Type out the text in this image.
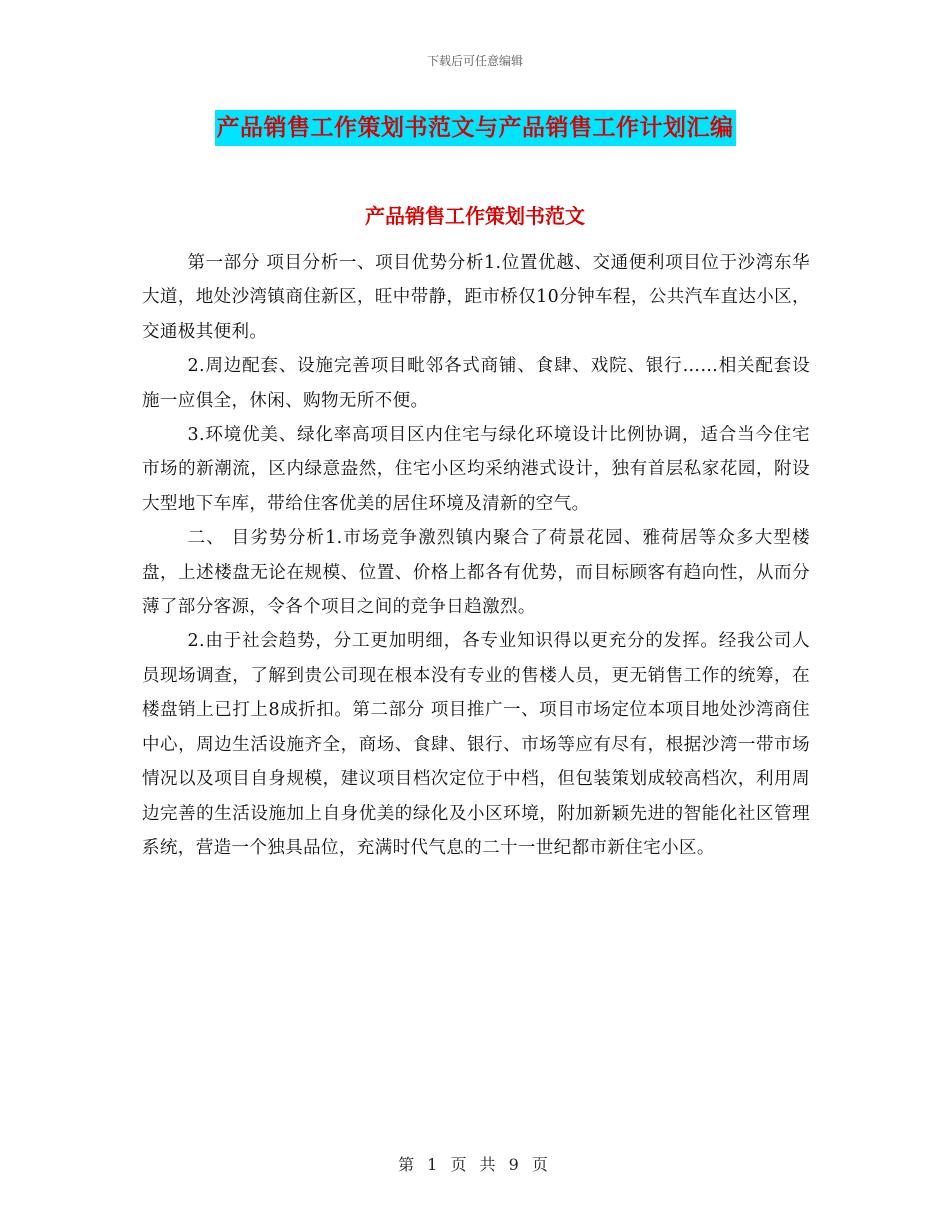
下载后可任意编辑
产品销售工作策划书范文与产品销售工作计划汇编
产品销售工作策划书范文

第一部分 项目分析一、项目优势分析1.位置优越、交通便利项目位于沙湾东华大道，地处沙湾镇商住新区，旺中带静，距市桥仅10分钟车程，公共汽车直达小区，交通极其便利。

2.周边配套、设施完善项目毗邻各式商铺、食肆、戏院、银行……相关配套设施一应俱全，休闲、购物无所不便。

3.环境优美、绿化率高项目区内住宅与绿化环境设计比例协调，适合当今住宅市场的新潮流，区内绿意盎然，住宅小区均采纳港式设计，独有首层私家花园，附设大型地下车库，带给住客优美的居住环境及清新的空气。

二、 目劣势分析1.市场竞争激烈镇内聚合了荷景花园、雅荷居等众多大型楼盘，上述楼盘无论在规模、位置、价格上都各有优势，而目标顾客有趋向性，从而分薄了部分客源，令各个项目之间的竞争日趋激烈。

2.由于社会趋势，分工更加明细，各专业知识得以更充分的发挥。经我公司人员现场调查，了解到贵公司现在根本没有专业的售楼人员，更无销售工作的统筹，在楼盘销上已打上8成折扣。第二部分 项目推广一、项目市场定位本项目地处沙湾商住中心，周边生活设施齐全，商场、食肆、银行、市场等应有尽有，根据沙湾一带市场情况以及项目自身规模，建议项目档次定位于中档，但包装策划成较高档次，利用周边完善的生活设施加上自身优美的绿化及小区环境，附加新颖先进的智能化社区管理系统，营造一个独具品位，充满时代气息的二十一世纪都市新住宅小区。

第 1 页 共 9 页
